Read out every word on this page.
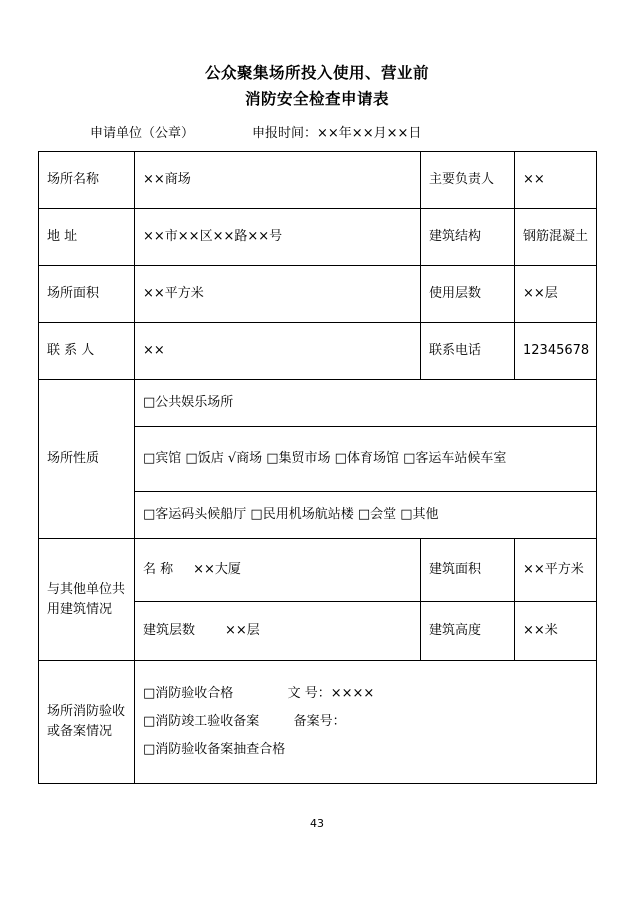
公众聚集场所投入使用、营业前
消防安全检查申请表
申请单位（公章）	申报时间：××年××月××日
场所名称	××商场	主要负责人	××
地 址	××市××区××路××号	建筑结构	钢筋混凝土
场所面积	××平方米	使用层数	××层
联 系 人	××	联系电话	12345678
场所性质	□公共娱乐场所		
	□宾馆 □饭店 √商场 □集贸市场 □体育场馆 □客运车站候车室		
	□客运码头候船厅 □民用机场航站楼 □会堂 □其他		
与其他单位共用建筑情况	名 称 ××大厦	建筑面积	××平方米
	建筑层数 ××层	建筑高度	××米
场所消防验收或备案情况	□消防验收合格 文 号：××××
□消防竣工验收备案 备案号：
□消防验收备案抽查合格		
43
